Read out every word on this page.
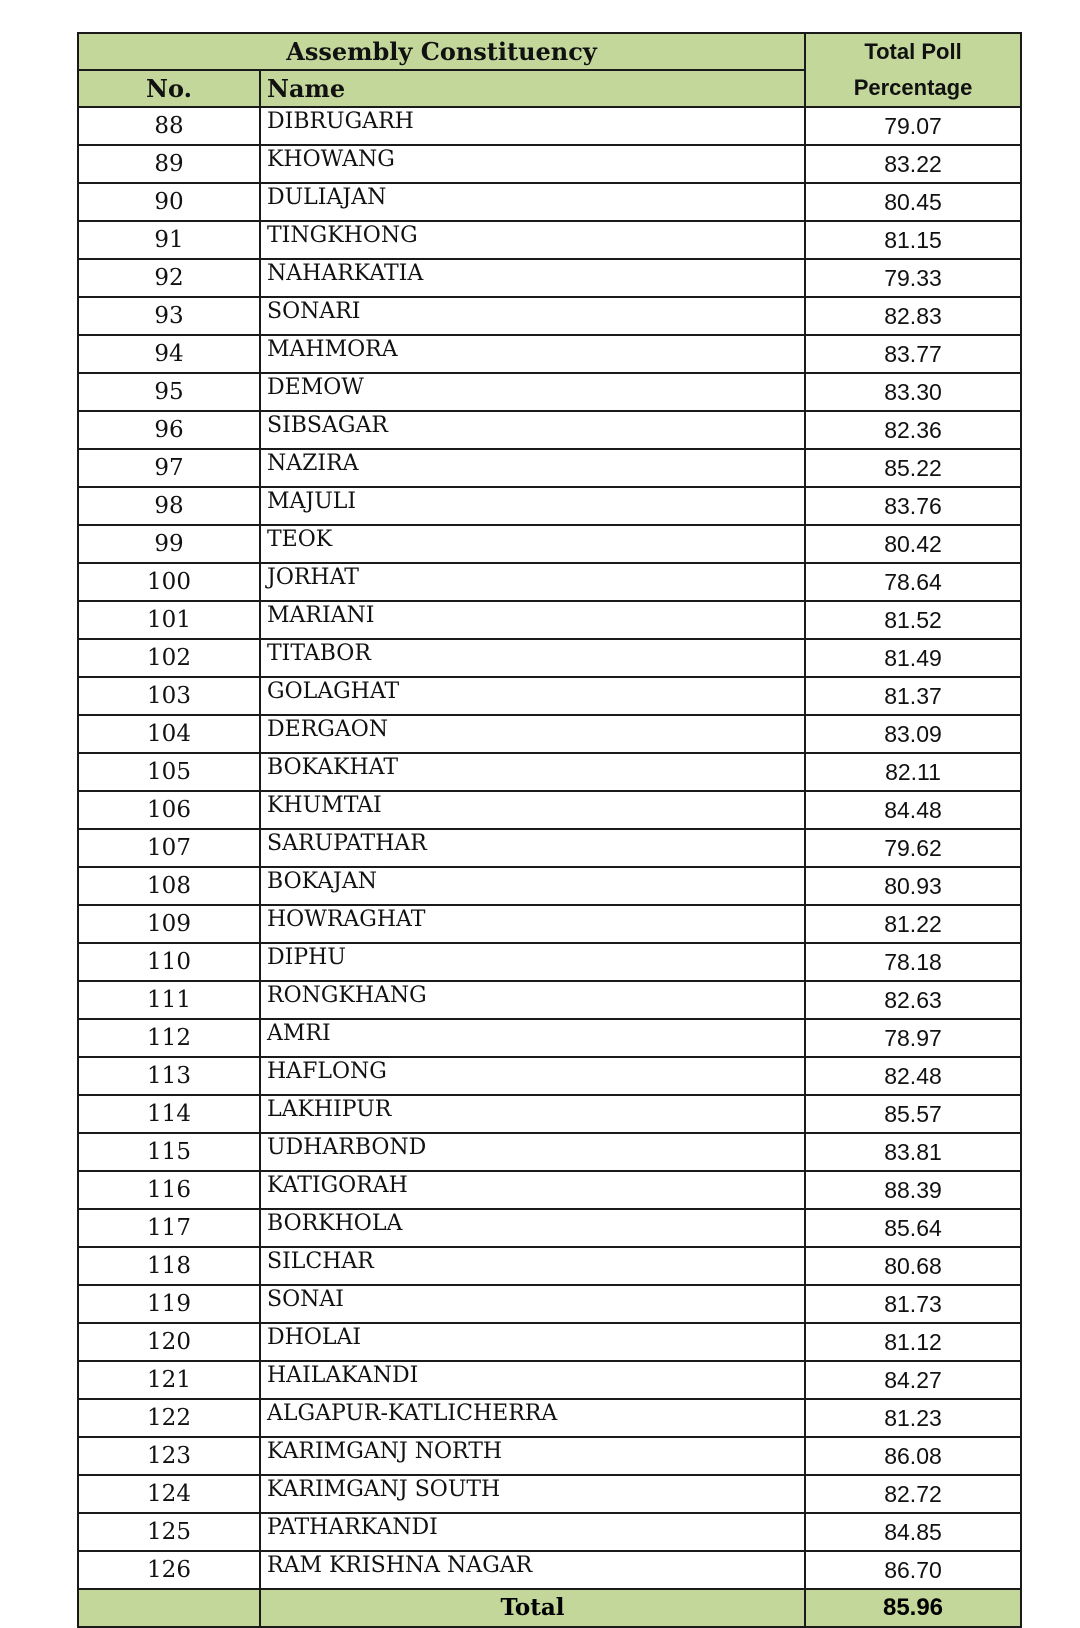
Assembly Constituency		Total Poll
Percentage

No.	Name	
88	DIBRUGARH	79.07
89	KHOWANG	83.22
90	DULIAJAN	80.45
91	TINGKHONG	81.15
92	NAHARKATIA	79.33
93	SONARI	82.83
94	MAHMORA	83.77
95	DEMOW	83.30
96	SIBSAGAR	82.36
97	NAZIRA	85.22
98	MAJULI	83.76
99	TEOK	80.42
100	JORHAT	78.64
101	MARIANI	81.52
102	TITABOR	81.49
103	GOLAGHAT	81.37
104	DERGAON	83.09
105	BOKAKHAT	82.11
106	KHUMTAI	84.48
107	SARUPATHAR	79.62
108	BOKAJAN	80.93
109	HOWRAGHAT	81.22
110	DIPHU	78.18
111	RONGKHANG	82.63
112	AMRI	78.97
113	HAFLONG	82.48
114	LAKHIPUR	85.57
115	UDHARBOND	83.81
116	KATIGORAH	88.39
117	BORKHOLA	85.64
118	SILCHAR	80.68
119	SONAI	81.73
120	DHOLAI	81.12
121	HAILAKANDI	84.27
122	ALGAPUR-KATLICHERRA	81.23
123	KARIMGANJ NORTH	86.08
124	KARIMGANJ SOUTH	82.72
125	PATHARKANDI	84.85
126	RAM KRISHNA NAGAR	86.70
	Total	85.96
